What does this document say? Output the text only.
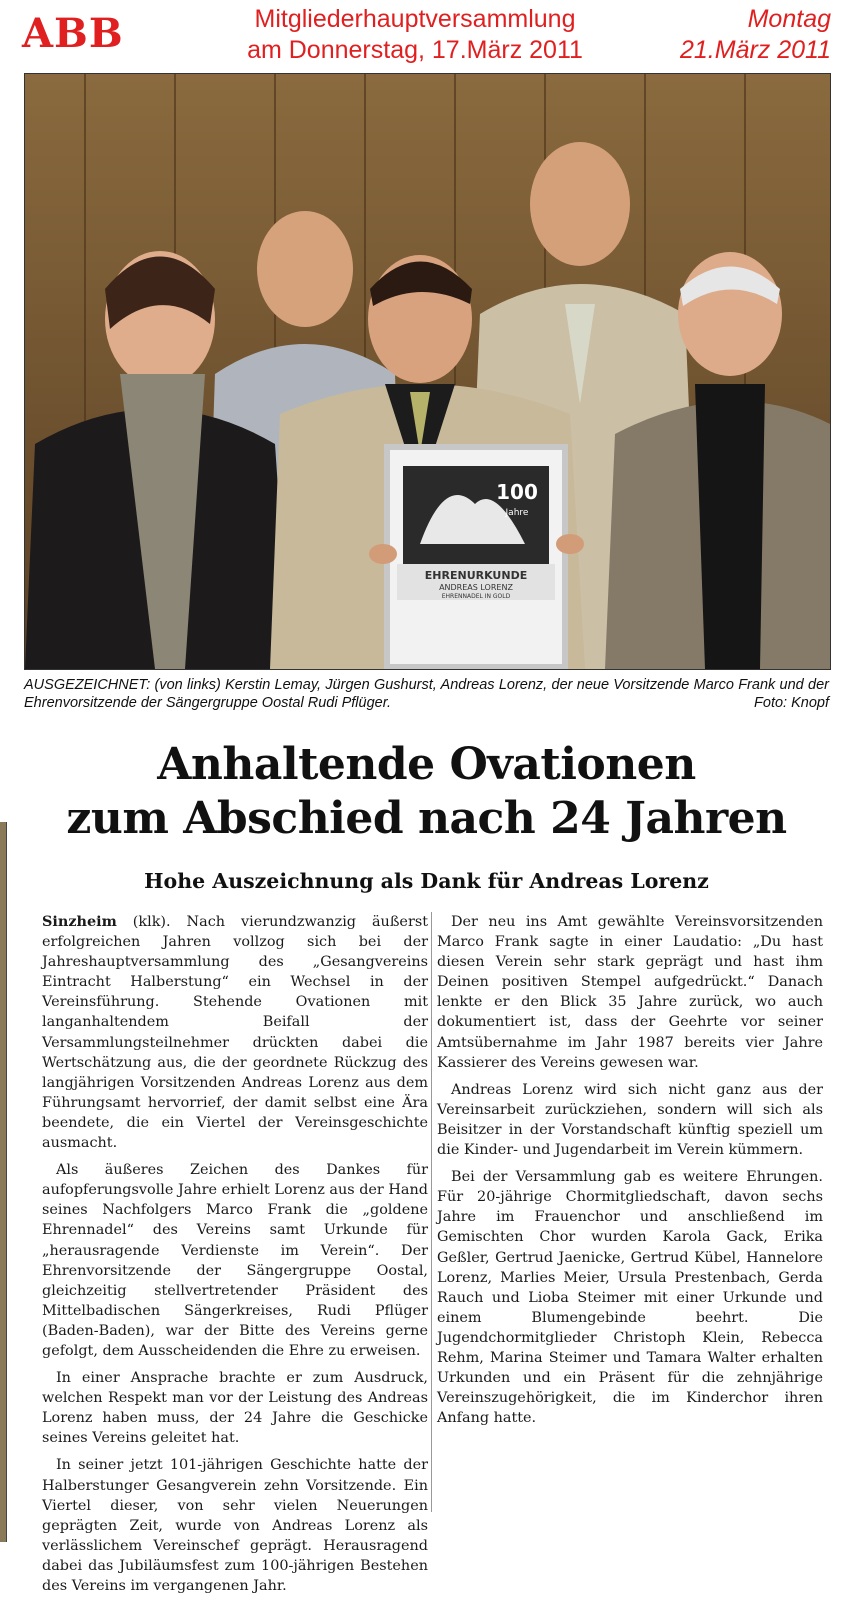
ABB	Mitgliederhauptversammlung
am Donnerstag, 17.März 2011
Montag
21.März 2011
100
Jahre
EHRENURKUNDE
ANDREAS LORENZ
EHRENNADEL IN GOLD
AUSGEZEICHNET: (von links) Kerstin Lemay, Jürgen Gushurst, Andreas Lorenz, der neue Vorsitzende Marco Frank und der Ehrenvorsitzende der Sängergruppe Oostal Rudi Pflüger.	Foto: Knopf
Anhaltende Ovationen
zum Abschied nach 24 Jahren
Hohe Auszeichnung als Dank für Andreas Lorenz

Sinzheim (klk). Nach vierundzwanzig äußerst erfolgreichen Jahren vollzog sich bei der Jahreshauptversammlung des „Gesangvereins Eintracht Halberstung“ ein Wechsel in der Vereinsführung. Stehende Ovationen mit langanhaltendem Beifall der Versammlungsteilnehmer drückten dabei die Wertschätzung aus, die der geordnete Rückzug des langjährigen Vorsitzenden Andreas Lorenz aus dem Führungsamt hervorrief, der damit selbst eine Ära beendete, die ein Viertel der Vereinsgeschichte ausmacht.

Als äußeres Zeichen des Dankes für aufopferungsvolle Jahre erhielt Lorenz aus der Hand seines Nachfolgers Marco Frank die „goldene Ehrennadel“ des Vereins samt Urkunde für „herausragende Verdienste im Verein“. Der Ehrenvorsitzende der Sängergruppe Oostal, gleichzeitig stellvertretender Präsident des Mittelbadischen Sängerkreises, Rudi Pflüger (Baden-Baden), war der Bitte des Vereins gerne gefolgt, dem Ausscheidenden die Ehre zu erweisen.

In einer Ansprache brachte er zum Ausdruck, welchen Respekt man vor der Leistung des Andreas Lorenz haben muss, der 24 Jahre die Geschicke seines Vereins geleitet hat.

In seiner jetzt 101-jährigen Geschichte hatte der Halberstunger Gesangverein zehn Vorsitzende. Ein Viertel dieser, von sehr vielen Neuerungen geprägten Zeit, wurde von Andreas Lorenz als verlässlichem Vereinschef geprägt. Herausragend dabei das Jubiläumsfest zum 100-jährigen Bestehen des Vereins im vergangenen Jahr.

Der neu ins Amt gewählte Vereinsvorsitzenden Marco Frank sagte in einer Laudatio: „Du hast diesen Verein sehr stark geprägt und hast ihm Deinen positiven Stempel aufgedrückt.“ Danach lenkte er den Blick 35 Jahre zurück, wo auch dokumentiert ist, dass der Geehrte vor seiner Amtsübernahme im Jahr 1987 bereits vier Jahre Kassierer des Vereins gewesen war.

Andreas Lorenz wird sich nicht ganz aus der Vereinsarbeit zurückziehen, sondern will sich als Beisitzer in der Vorstandschaft künftig speziell um die Kinder- und Jugendarbeit im Verein kümmern.

Bei der Versammlung gab es weitere Ehrungen. Für 20-jährige Chormitgliedschaft, davon sechs Jahre im Frauenchor und anschließend im Gemischten Chor wurden Karola Gack, Erika Geßler, Gertrud Jaenicke, Gertrud Kübel, Hannelore Lorenz, Marlies Meier, Ursula Prestenbach, Gerda Rauch und Lioba Steimer mit einer Urkunde und einem Blumengebinde beehrt. Die Jugendchormitglieder Christoph Klein, Rebecca Rehm, Marina Steimer und Tamara Walter erhalten Urkunden und ein Präsent für die zehnjährige Vereinszugehörigkeit, die im Kinderchor ihren Anfang hatte.
